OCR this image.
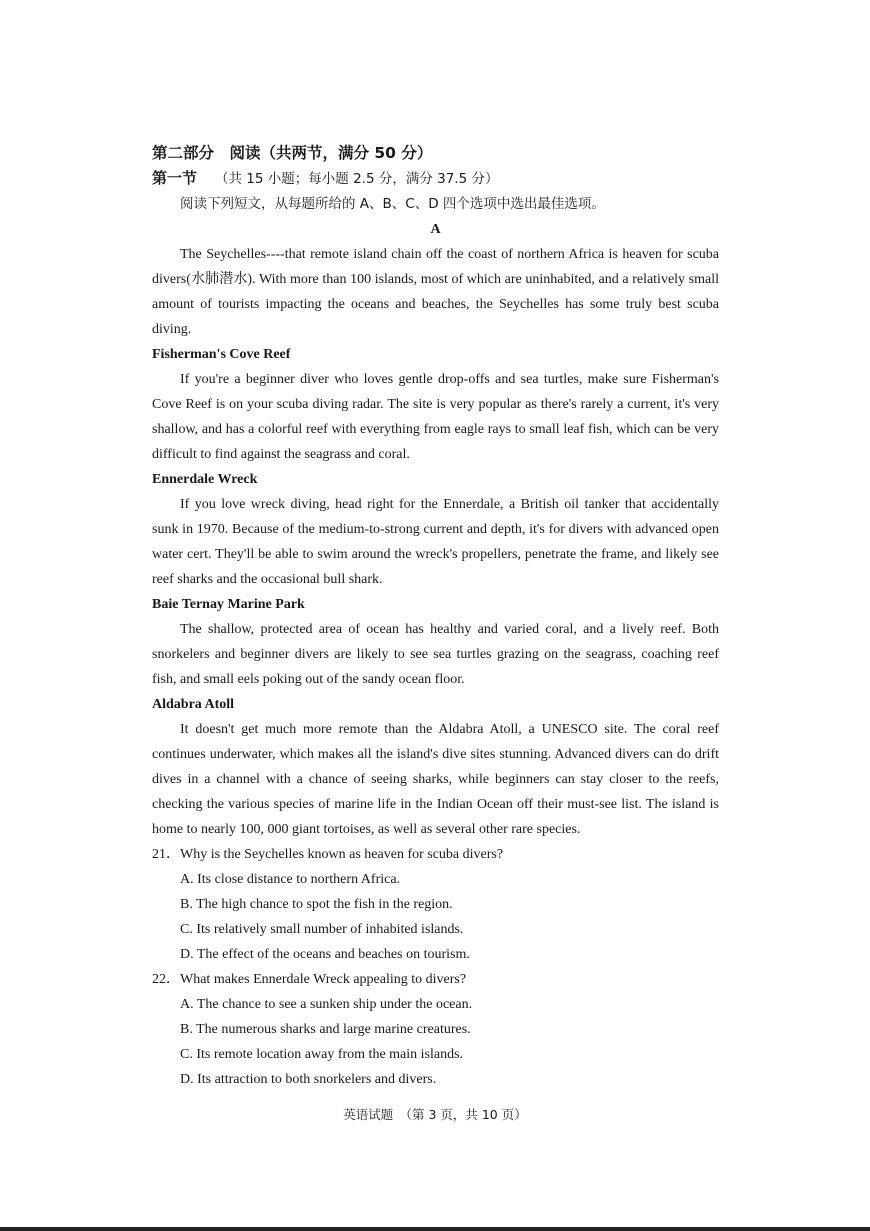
第二部分　阅读（共两节，满分 50 分）

第一节 （共 15 小题；每小题 2.5 分，满分 37.5 分）

阅读下列短文，从每题所给的 A、B、C、D 四个选项中选出最佳选项。

A

The Seychelles----that remote island chain off the coast of northern Africa is heaven for scuba divers(水肺潜水). With more than 100 islands, most of which are uninhabited, and a relatively small amount of tourists impacting the oceans and beaches, the Seychelles has some truly best scuba diving.

Fisherman's Cove Reef

If you're a beginner diver who loves gentle drop-offs and sea turtles, make sure Fisherman's Cove Reef is on your scuba diving radar. The site is very popular as there's rarely a current, it's very shallow, and has a colorful reef with everything from eagle rays to small leaf fish, which can be very difficult to find against the seagrass and coral.

Ennerdale Wreck

If you love wreck diving, head right for the Ennerdale, a British oil tanker that accidentally sunk in 1970. Because of the medium-to-strong current and depth, it's for divers with advanced open water cert. They'll be able to swim around the wreck's propellers, penetrate the frame, and likely see reef sharks and the occasional bull shark.

Baie Ternay Marine Park

The shallow, protected area of ocean has healthy and varied coral, and a lively reef. Both snorkelers and beginner divers are likely to see sea turtles grazing on the seagrass, coaching reef fish, and small eels poking out of the sandy ocean floor.

Aldabra Atoll

It doesn't get much more remote than the Aldabra Atoll, a UNESCO site. The coral reef continues underwater, which makes all the island's dive sites stunning. Advanced divers can do drift dives in a channel with a chance of seeing sharks, while beginners can stay closer to the reefs, checking the various species of marine life in the Indian Ocean off their must-see list. The island is home to nearly 100, 000 giant tortoises, as well as several other rare species.

21．Why is the Seychelles known as heaven for scuba divers?

A. Its close distance to northern Africa.

B. The high chance to spot the fish in the region.

C. Its relatively small number of inhabited islands.

D. The effect of the oceans and beaches on tourism.

22．What makes Ennerdale Wreck appealing to divers?

A. The chance to see a sunken ship under the ocean.

B. The numerous sharks and large marine creatures.

C. Its remote location away from the main islands.

D. Its attraction to both snorkelers and divers.

英语试题　（第 3 页，共 10 页）
